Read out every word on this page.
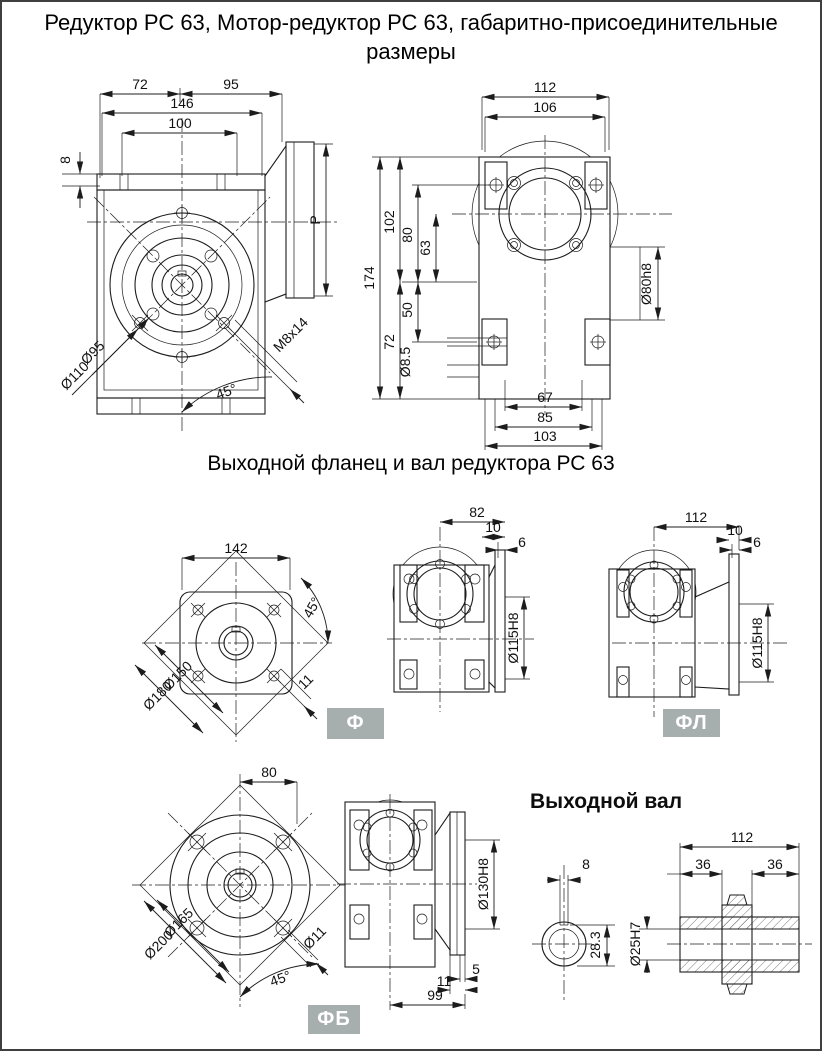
Редуктор РС 63, Мотор-редуктор РС 63, габаритно-присоединительные размеры
72	95
146
100
8
P
Ø95
Ø110
M8x14
45°
112
106
Ø80h8
174
102
72
80
50
63
Ø8.5
67
85
103
Выходной фланец и вал редуктора РС 63
142
Ø150
Ø180
45°
11
82
10
6
Ø115H8
112
10
6
Ø115H8
80
Ø165
Ø200	Ø11
45°
Ø130H8
5
11
99
Выходной вал
8
28.3
112
36	36
Ø25H7
Ф	ФЛ
ФБ
